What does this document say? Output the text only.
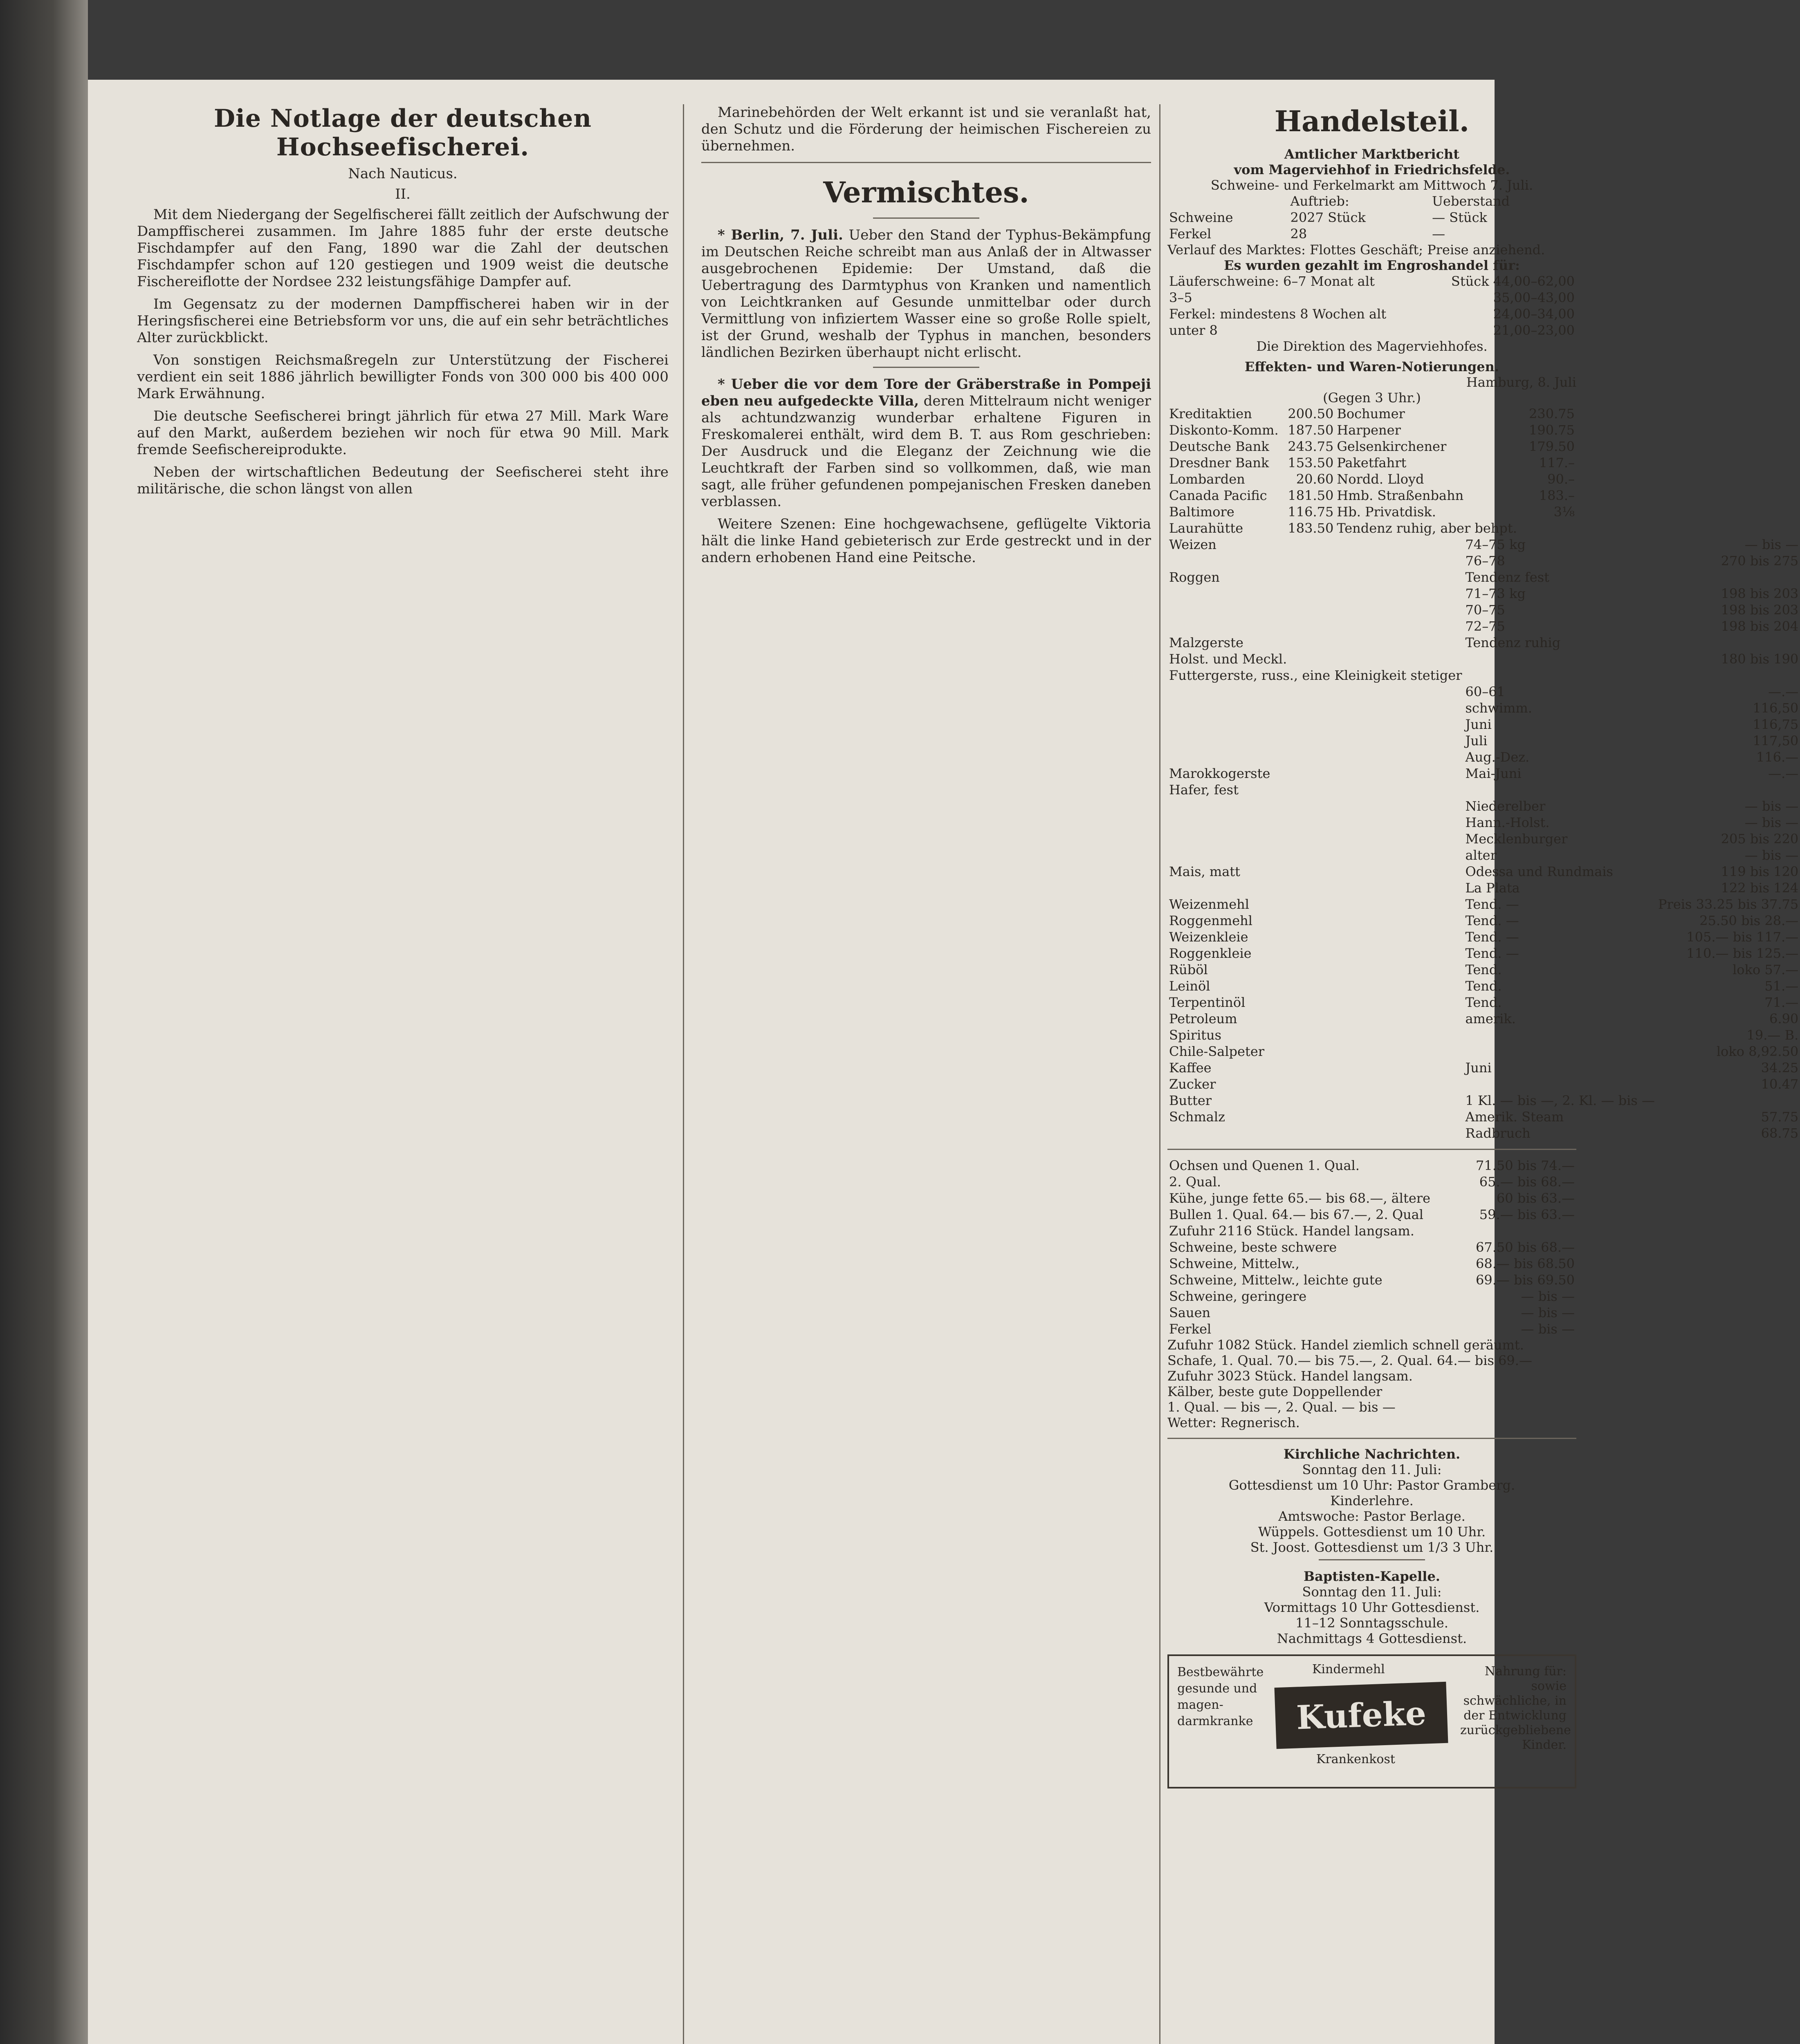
Die Notlage der deutschen Hochseefischerei.
Nach Nauticus.
II.

Mit dem Niedergang der Segelfischerei fällt zeitlich der Aufschwung der Dampffischerei zusammen. Im Jahre 1885 fuhr der erste deutsche Fischdampfer auf den Fang, 1890 war die Zahl der deutschen Fischdampfer schon auf 120 gestiegen und 1909 weist die deutsche Fischereiflotte der Nordsee 232 leistungsfähige Dampfer auf.

Im Gegensatz zu der modernen Dampffischerei haben wir in der Heringsfischerei eine Betriebsform vor uns, die auf ein sehr beträchtliches Alter zurückblickt.

Von sonstigen Reichsmaßregeln zur Unterstützung der Fischerei verdient ein seit 1886 jährlich bewilligter Fonds von 300 000 bis 400 000 Mark Erwähnung.

Die deutsche Seefischerei bringt jährlich für etwa 27 Mill. Mark Ware auf den Markt, außerdem beziehen wir noch für etwa 90 Mill. Mark fremde Seefischereiprodukte.

Neben der wirtschaftlichen Bedeutung der Seefischerei steht ihre militärische, die schon längst von allen

Marinebehörden der Welt erkannt ist und sie veranlaßt hat, den Schutz und die Förderung der heimischen Fischereien zu übernehmen.

Vermischtes.

* Berlin, 7. Juli. Ueber den Stand der Typhus-Bekämpfung im Deutschen Reiche schreibt man aus Anlaß der in Altwasser ausgebrochenen Epidemie: Der Umstand, daß die Uebertragung des Darmtyphus von Kranken und namentlich von Leichtkranken auf Gesunde unmittelbar oder durch Vermittlung von infiziertem Wasser eine so große Rolle spielt, ist der Grund, weshalb der Typhus in manchen, besonders ländlichen Bezirken überhaupt nicht erlischt.

* Ueber die vor dem Tore der Gräberstraße in Pompeji eben neu aufgedeckte Villa, deren Mittelraum nicht weniger als achtundzwanzig wunderbar erhaltene Figuren in Freskomalerei enthält, wird dem B. T. aus Rom geschrieben: Der Ausdruck und die Eleganz der Zeichnung wie die Leuchtkraft der Farben sind so vollkommen, daß, wie man sagt, alle früher gefundenen pompejanischen Fresken daneben verblassen.

Weitere Szenen: Eine hochgewachsene, geflügelte Viktoria hält die linke Hand gebieterisch zur Erde gestreckt und in der andern erhobenen Hand eine Peitsche.

Handelsteil.
Amtlicher Marktbericht
vom Magerviehhof in Friedrichsfelde.
Schweine- und Ferkelmarkt am Mittwoch 7. Juli.
	Auftrieb:	Ueberstand
Schweine	2027 Stück	— Stück
Ferkel	28	—
Verlauf des Marktes: Flottes Geschäft; Preise anziehend.
Es wurden gezahlt im Engroshandel für:
Läuferschweine: 6–7 Monat alt	Stück 44,00–62,00
3–5	35,00–43,00
Ferkel: mindestens 8 Wochen alt	24,00–34,00
unter 8	21,00–23,00
Die Direktion des Magerviehhofes.
Effekten- und Waren-Notierungen.
Hamburg, 8. Juli
(Gegen 3 Uhr.)
Kreditaktien	200.50	Bochumer	230.75
Diskonto-Komm.	187.50	Harpener	190.75
Deutsche Bank	243.75	Gelsenkirchener	179.50
Dresdner Bank	153.50	Paketfahrt	117.–
Lombarden	20.60	Nordd. Lloyd	90.–
Canada Pacific	181.50	Hmb. Straßenbahn	183.–
Baltimore	116.75	Hb. Privatdisk.	3⅛
Laurahütte	183.50	Tendenz ruhig, aber behpt.	
Weizen	74–75 kg	— bis —
	76–78	270 bis 275
Roggen	Tendenz fest	
	71–73 kg	198 bis 203
	70–75	198 bis 203
	72–75	198 bis 204
Malzgerste	Tendenz ruhig	
Holst. und Meckl.		180 bis 190
Futtergerste, russ., eine Kleinigkeit stetiger		
	60–61	—.—
	schwimm.	116,50
	Juni	116,75
	Juli	117,50
	Aug.-Dez.	116.—
Marokkogerste	Mai-Juni	—.—
Hafer, fest		
	Niederelber	— bis —
	Hann.-Holst.	— bis —
	Mecklenburger	205 bis 220
	alter	— bis —
Mais, matt	Odessa und Rundmais	119 bis 120
	La Plata	122 bis 124
Weizenmehl	Tend. —	Preis 33.25 bis 37.75
Roggenmehl	Tend. —	25.50 bis 28.—
Weizenkleie	Tend. —	105.— bis 117.—
Roggenkleie	Tend. —	110.— bis 125.—
Rüböl	Tend.	loko 57.—
Leinöl	Tend.	51.—
Terpentinöl	Tend.	71.—
Petroleum	amerik.	6.90
Spiritus		19.— B.
Chile-Salpeter		loko 8,92.50
Kaffee	Juni	34.25
Zucker		10.47
Butter	1 Kl. — bis —, 2. Kl. — bis —	
Schmalz	Amerik. Steam	57.75
	Radbruch	68.75
Ochsen und Quenen 1. Qual.	71.50 bis 74.—
2. Qual.	65.— bis 68.—
Kühe, junge fette 65.— bis 68.—, ältere	60 bis 63.—
Bullen 1. Qual. 64.— bis 67.—, 2. Qual	59.— bis 63.—
Zufuhr 2116 Stück. Handel langsam.	
Schweine, beste schwere	67.50 bis 68.—
Schweine, Mittelw.,	68.— bis 68.50
Schweine, Mittelw., leichte gute	69.— bis 69.50
Schweine, geringere	— bis —
Sauen	— bis —
Ferkel	— bis —
Zufuhr 1082 Stück. Handel ziemlich schnell geräumt.
Schafe, 1. Qual. 70.— bis 75.—, 2. Qual. 64.— bis 69.—
Zufuhr 3023 Stück. Handel langsam.
Kälber, beste gute Doppellender
1. Qual. — bis —, 2. Qual. — bis —
Wetter: Regnerisch.
Kirchliche Nachrichten.
Sonntag den 11. Juli:
Gottesdienst um 10 Uhr: Pastor Gramberg.
Kinderlehre.
Amtswoche: Pastor Berlage.
Wüppels. Gottesdienst um 10 Uhr.
St. Joost. Gottesdienst um 1/3 3 Uhr.
Baptisten-Kapelle.
Sonntag den 11. Juli:
Vormittags 10 Uhr Gottesdienst.
11–12 Sonntagsschule.
Nachmittags 4 Gottesdienst.
Bestbewährte gesunde und magen-darmkranke
Kindermehl
Kufeke
Krankenkost
Nahrung für: sowie schwächliche, in der Entwicklung zurückgebliebene Kinder.
